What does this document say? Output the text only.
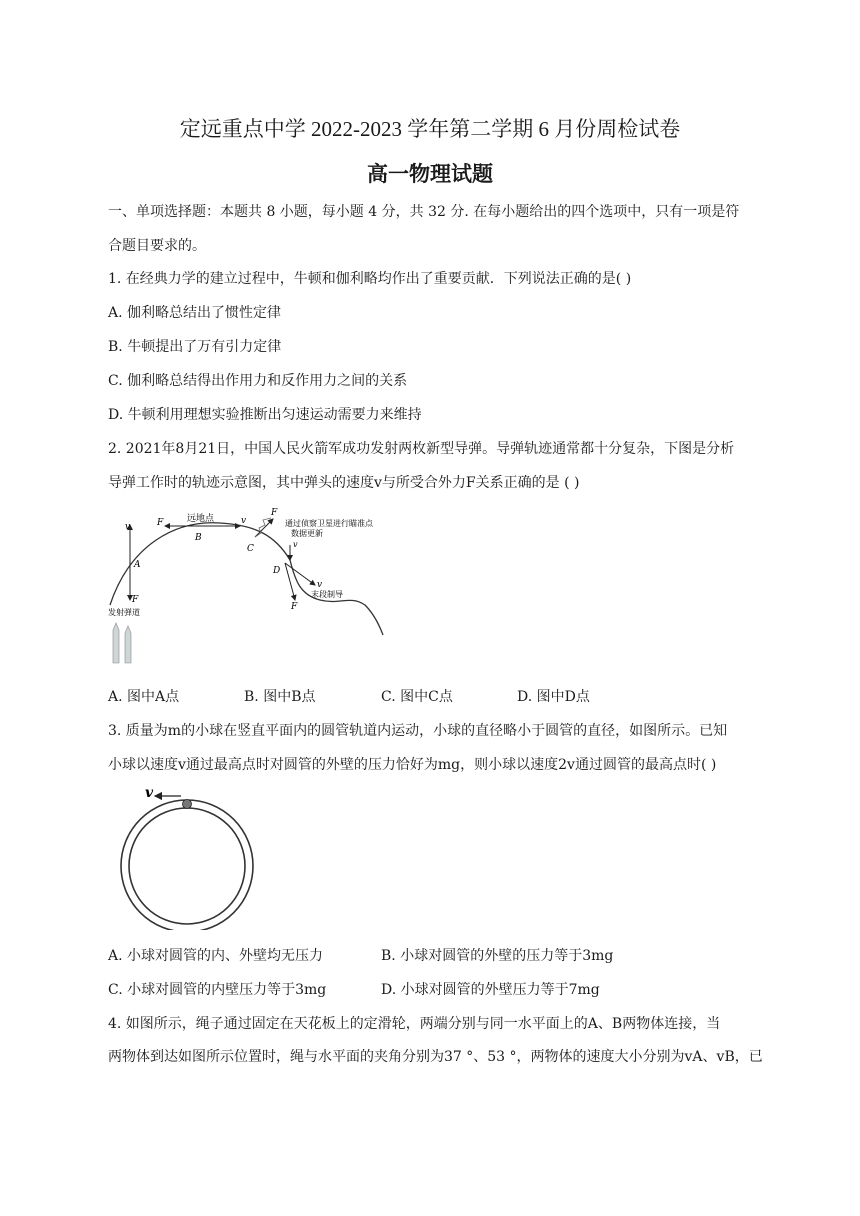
定远重点中学 2022-2023 学年第二学期 6 月份周检试卷
高一物理试题
一、单项选择题：本题共 8 小题，每小题 4 分，共 32 分. 在每小题给出的四个选项中，只有一项是符
合题目要求的。
1. 在经典力学的建立过程中，牛顿和伽利略均作出了重要贡献．下列说法正确的是( )
A. 伽利略总结出了惯性定律
B. 牛顿提出了万有引力定律
C. 伽利略总结得出作用力和反作用力之间的关系
D. 牛顿利用理想实验推断出匀速运动需要力来维持
2. 2021年8月21日，中国人民火箭军成功发射两枚新型导弹。导弹轨迹通常都十分复杂，下图是分析
导弹工作时的轨迹示意图，其中弹头的速度v与所受合外力F关系正确的是 ( )
v
A
F
F	v
B
远地点
F
C
通过侦察卫星进行瞄准点
数据更新
v
D
v
F
末段制导
发射弹道
A. 图中A点	B. 图中B点	C. 图中C点	D. 图中D点
3. 质量为m的小球在竖直平面内的圆管轨道内运动，小球的直径略小于圆管的直径，如图所示。已知
小球以速度v通过最高点时对圆管的外壁的压力恰好为mg，则小球以速度2v通过圆管的最高点时( )
v
A. 小球对圆管的内、外壁均无压力	B. 小球对圆管的外壁的压力等于3mg
C. 小球对圆管的内壁压力等于3mg	D. 小球对圆管的外壁压力等于7mg
4. 如图所示，绳子通过固定在天花板上的定滑轮，两端分别与同一水平面上的A、B两物体连接，当
两物体到达如图所示位置时，绳与水平面的夹角分别为37 °、53 °，两物体的速度大小分别为vA、vB，已
